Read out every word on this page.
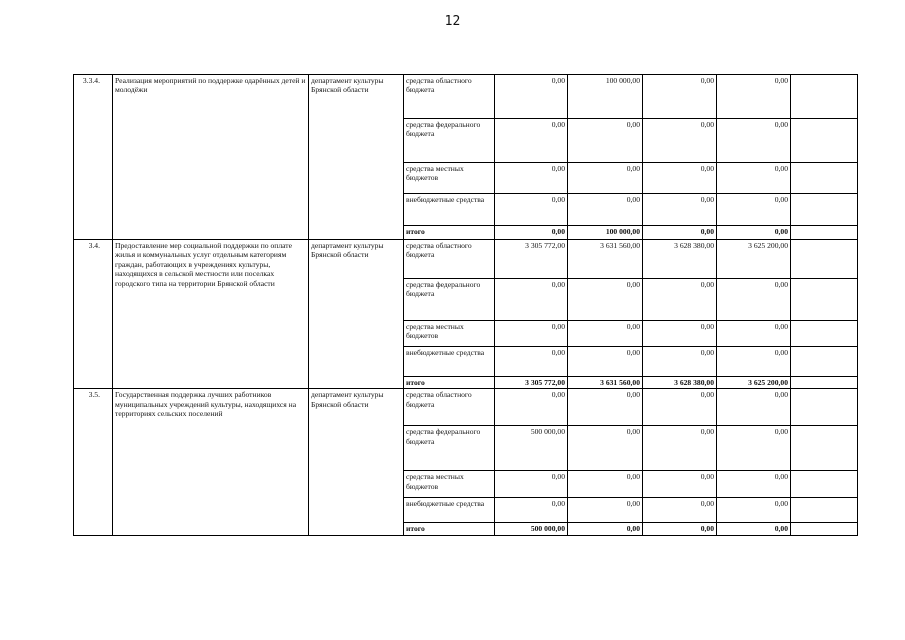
12
3.3.4.	Реализация мероприятий по поддержке одарённых детей и молодёжи	департамент культуры Брянской области	средства областного бюджета	0,00	100 000,00	0,00	0,00	
			средства федерального бюджета	0,00	0,00	0,00	0,00	
			средства местных бюджетов	0,00	0,00	0,00	0,00	
			внебюджетные средства	0,00	0,00	0,00	0,00	
			итого	0,00	100 000,00	0,00	0,00	
3.4.	Предоставление мер социальной поддержки по оплате жилья и коммунальных услуг отдельным категориям граждан, работающих в учреждениях культуры, находящихся в сельской местности или поселках городского типа на территории Брянской области	департамент культуры Брянской области	средства областного бюджета	3 305 772,00	3 631 560,00	3 628 380,00	3 625 200,00	
			средства федерального бюджета	0,00	0,00	0,00	0,00	
			средства местных бюджетов	0,00	0,00	0,00	0,00	
			внебюджетные средства	0,00	0,00	0,00	0,00	
			итого	3 305 772,00	3 631 560,00	3 628 380,00	3 625 200,00	
3.5.	Государственная поддержка лучших работников муниципальных учреждений культуры, находящихся на территориях сельских поселений	департамент культуры Брянской области	средства областного бюджета	0,00	0,00	0,00	0,00	
			средства федерального бюджета	500 000,00	0,00	0,00	0,00	
			средства местных бюджетов	0,00	0,00	0,00	0,00	
			внебюджетные средства	0,00	0,00	0,00	0,00	
			итого	500 000,00	0,00	0,00	0,00	
